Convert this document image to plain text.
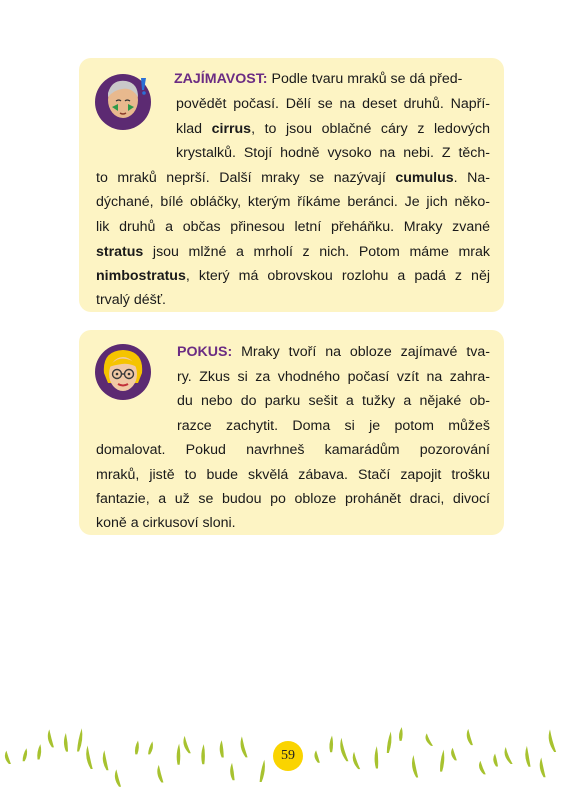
ZAJÍMAVOST: Podle tvaru mraků se dá před-
povědět počasí. Dělí se na deset druhů. Napří-
klad cirrus, to jsou oblačné cáry z ledových
krystalků. Stojí hodně vysoko na nebi. Z těch-
to mraků neprší. Další mraky se nazývají cumulus. Na-
dýchané, bílé obláčky, kterým říkáme beránci. Je jich něko-
lik druhů a občas přinesou letní přeháňku. Mraky zvané
stratus jsou mlžné a mrholí z nich. Potom máme mrak
nimbostratus, který má obrovskou rozlohu a padá z něj
trvalý déšť.
POKUS: Mraky tvoří na obloze zajímavé tva-
ry. Zkus si za vhodného počasí vzít na zahra-
du nebo do parku sešit a tužky a nějaké ob-
razce zachytit. Doma si je potom můžeš
domalovat. Pokud navrhneš kamarádům pozorování
mraků, jistě to bude skvělá zábava. Stačí zapojit trošku
fantazie, a už se budou po obloze prohánět draci, divocí
koně a cirkusoví sloni.
59
